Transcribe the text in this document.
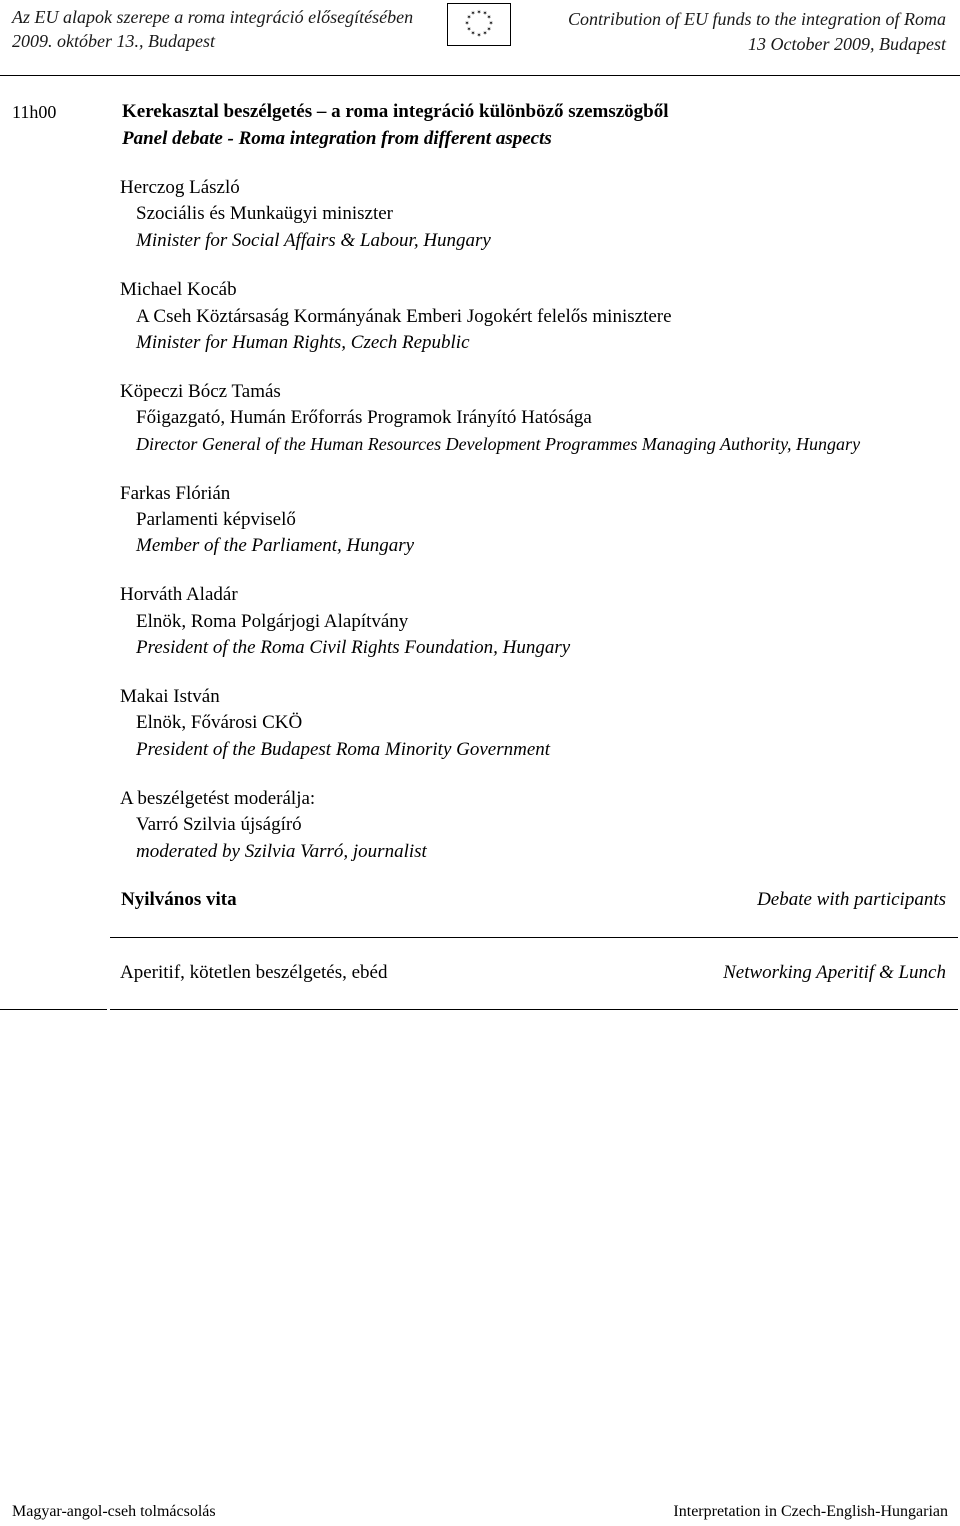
Az EU alapok szerepe a roma integráció elősegítésében
2009. október 13., Budapest
✶ ✶
✶
✶
✶
✶
✶
✶
✶
✶
✶
✶	Contribution of EU funds to the integration of Roma
13 October 2009, Budapest
11h00	Kerekasztal beszélgetés – a roma integráció különböző szemszögből
Panel debate - Roma integration from different aspects
Herczog László
Szociális és Munkaügyi miniszter
Minister for Social Affairs & Labour, Hungary
Michael Kocáb
A Cseh Köztársaság Kormányának Emberi Jogokért felelős minisztere
Minister for Human Rights, Czech Republic
Köpeczi Bócz Tamás
Főigazgató, Humán Erőforrás Programok Irányító Hatósága
Director General of the Human Resources Development Programmes Managing Authority, Hungary
Farkas Flórián
Parlamenti képviselő
Member of the Parliament, Hungary
Horváth Aladár
Elnök, Roma Polgárjogi Alapítvány
President of the Roma Civil Rights Foundation, Hungary
Makai István
Elnök, Fővárosi CKÖ
President of the Budapest Roma Minority Government
A beszélgetést moderálja:
Varró Szilvia újságíró
moderated by Szilvia Varró, journalist
Nyilvános vita	Debate with participants
Aperitif, kötetlen beszélgetés, ebéd	Networking Aperitif & Lunch
Magyar-angol-cseh tolmácsolás	Interpretation in Czech-English-Hungarian
